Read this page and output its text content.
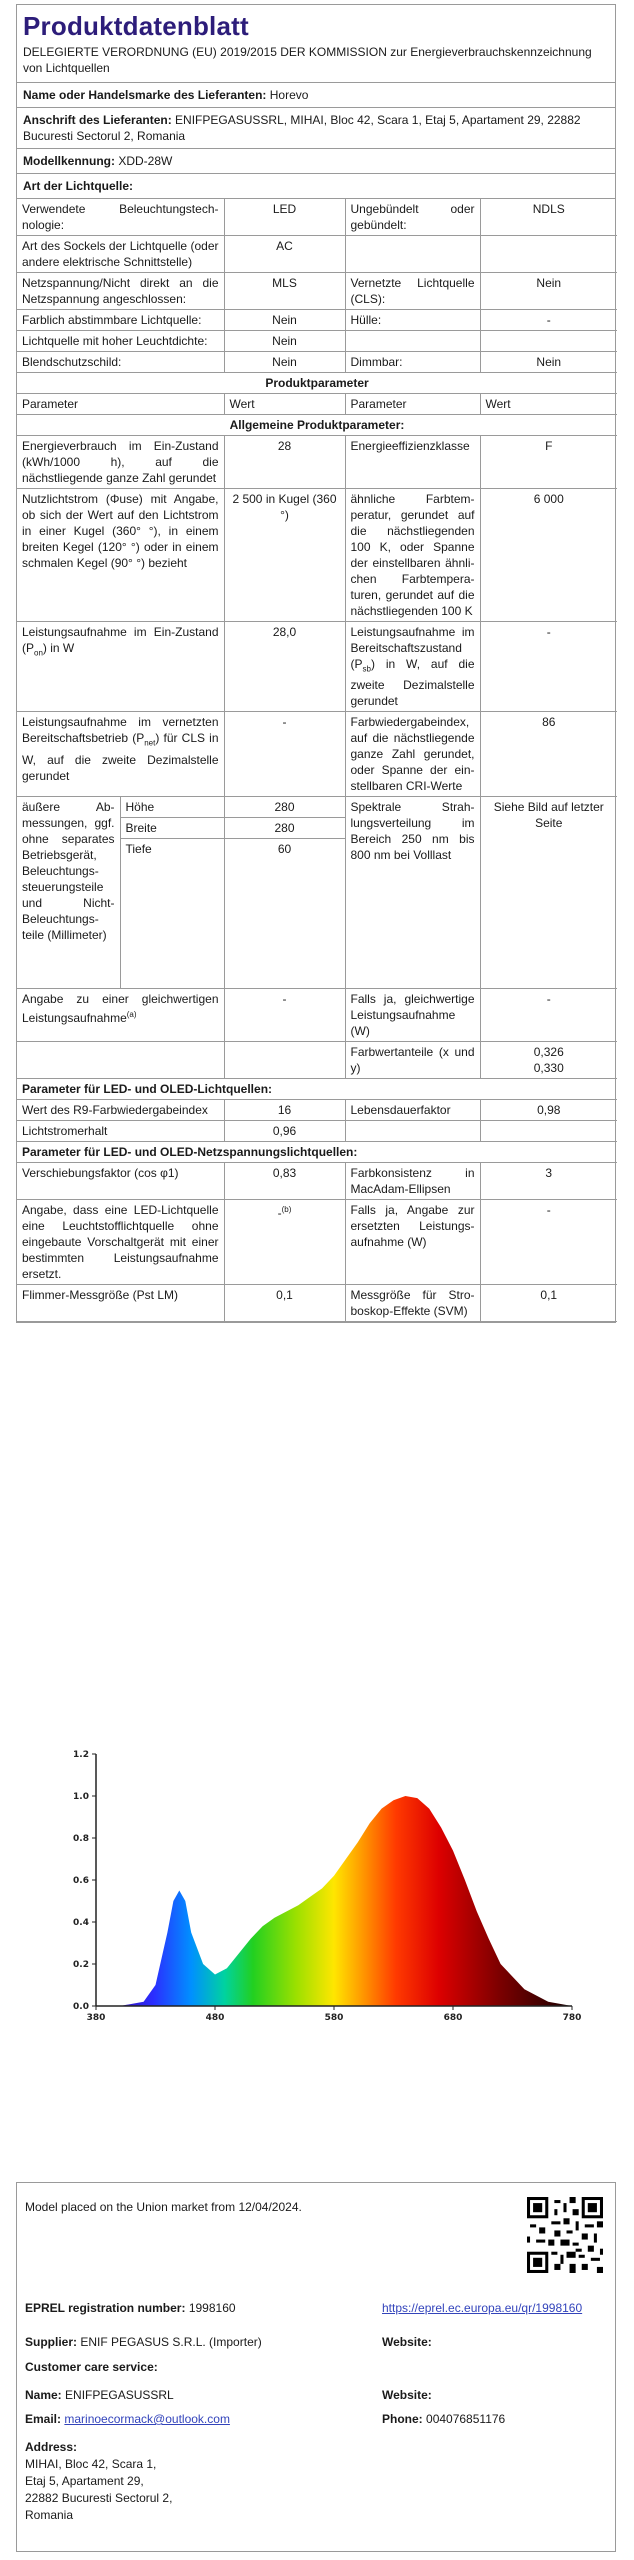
Produktdatenblatt
DELEGIERTE VERORDNUNG (EU) 2019/2015 DER KOMMISSION zur Energieverbrauchskennzeichnung von Lichtquellen
Name oder Handelsmarke des Lieferanten: Horevo
Anschrift des Lieferanten: ENIFPEGASUSSRL, MIHAI, Bloc 42, Scara 1, Etaj 5, Apartament 29, 22882 Bucuresti Sectorul 2, Romania
Modellkennung: XDD-28W
Art der Lichtquelle:
Verwendete Beleuchtungstechnologie:	LED	Ungebündelt oder gebündelt:	NDLS
Art des Sockels der Lichtquelle (oder andere elektrische Schnittstelle)	AC		
Netzspannung/Nicht direkt an die Netzspannung angeschlossen:	MLS	Vernetzte Lichtquelle (CLS):	Nein
Farblich abstimmbare Lichtquelle:	Nein	Hülle:	-
Lichtquelle mit hoher Leuchtdichte:	Nein		
Blendschutzschild:	Nein	Dimmbar:	Nein
Produktparameter				
Parameter		Wert	Parameter	Wert
Allgemeine Produktparameter:				
Energieverbrauch im Ein-Zustand (kWh/1000 h), auf die nächstliegende ganze Zahl gerundet		28	Energieeffizienzklasse	F
Nutzlichtstrom (Φuse) mit Angabe, ob sich der Wert auf den Lichtstrom in einer Kugel (360° °), in einem breiten Kegel (120° °) oder in einem schmalen Kegel (90° °) bezieht		2 500 in Kugel (360 °)	ähnliche Farbtemperatur, gerundet auf die nächstliegenden 100 K, oder Spanne der einstellbaren ähnlichen Farbtemperaturen, gerundet auf die nächstliegenden 100 K	6 000
Leistungsaufnahme im Ein-Zustand $(P_{on})$ in W		28,0	Leistungsaufnahme im Bereitschaftszustand $(P_{sb})$ in W, auf die zweite Dezimalstelle gerundet	-
Leistungsaufnahme im vernetzten Bereitschaftsbetrieb $(P_{net})$ für CLS in W, auf die zweite Dezimalstelle gerundet		-	Farbwiedergabeindex, auf die nächstliegende ganze Zahl gerundet, oder Spanne der einstellbaren CRI-Werte	86
äußere Abmessungen, ggf. ohne separates Betriebsgerät, Beleuchtungssteuerungsteile und Nicht-Beleuchtungsteile (Millimeter)	Höhe	280	Spektrale Strahlungsverteilung im Bereich 250 nm bis 800 nm bei Volllast	Siehe Bild auf letzter Seite
	Breite	280		
	Tiefe	60		
Angabe zu einer gleichwertigen Leistungsaufnahme$^{(a)}$		-	Falls ja, gleichwertige Leistungsaufnahme (W)	-
			Farbwertanteile (x und y)	0,326
0,330

Parameter für LED- und OLED-Lichtquellen:				
Wert des R9-Farbwiedergabeindex		16	Lebensdauerfaktor	0,98
Lichtstromerhalt		0,96		
Parameter für LED- und OLED-Netzspannungslichtquellen:				
Verschiebungsfaktor (cos φ1)		0,83	Farbkonsistenz in MacAdam-Ellipsen	3
Angabe, dass eine LED-Lichtquelle eine Leuchtstofflichtquelle ohne eingebaute Vorschaltgerät mit einer bestimmten Leistungsaufnahme ersetzt.		-$^{(b)}$	Falls ja, Angabe zur ersetzten Leistungsaufnahme (W)	-
Flimmer-Messgröße (Pst LM)		0,1	Messgröße für Stroboskop-Effekte (SVM)	0,1
380	480	580	680	780
0.0
0.2
0.4
0.6
0.8
1.0
1.2
Model placed on the Union market from 12/04/2024.
EPREL registration number: 1998160	https://eprel.ec.europa.eu/qr/1998160
Supplier: ENIF PEGASUS S.R.L. (Importer)	Website:
Customer care service:
Name: ENIFPEGASUSSRL	Website:
Email: marinoecormack@outlook.com	Phone: 004076851176
Address:
MIHAI, Bloc 42, Scara 1,
Etaj 5, Apartament 29,
22882 Bucuresti Sectorul 2,
Romania
